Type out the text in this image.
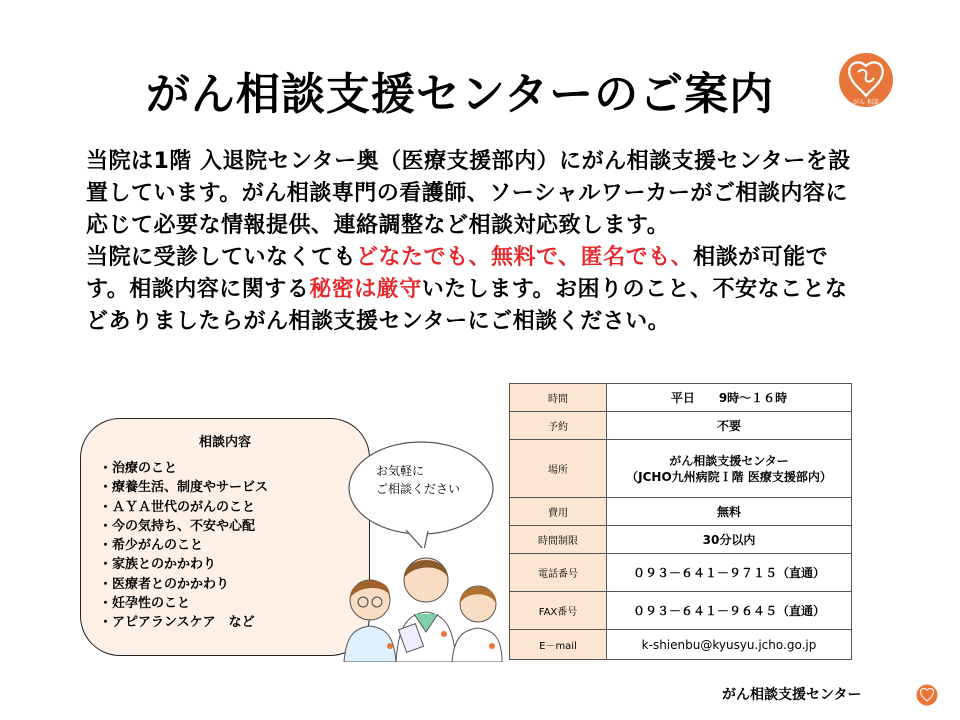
がん相談支援センターのご案内	がん 相談
当院は1階 入退院センター奥（医療支援部内）にがん相談支援センターを設置しています。がん相談専門の看護師、ソーシャルワーカーがご相談内容に応じて必要な情報提供、連絡調整など相談対応致します。
当院に受診していなくてもどなたでも、無料で、匿名でも、相談が可能です。相談内容に関する秘密は厳守いたします。お困りのこと、不安なことなどありましたらがん相談支援センターにご相談ください。
相談内容
・治療のこと
・療養生活、制度やサービス
・ＡＹＡ世代のがんのこと
・今の気持ち、不安や心配
・希少がんのこと
・家族とのかかわり
・医療者とのかかわり
・妊孕性のこと
・アピアランスケア　など
お気軽に
ご相談ください
時間	平日　　9時～１６時
予約	不要
場所	がん相談支援センター
（JCHO九州病院Ｉ階 医療支援部内）
費用	無料
時間制限	30分以内
電話番号	０９３－６４１－９７１５（直通）
FAX番号	０９３－６４１－９６４５（直通）
E－mail	k-shienbu@kyusyu.jcho.go.jp
がん相談支援センター
